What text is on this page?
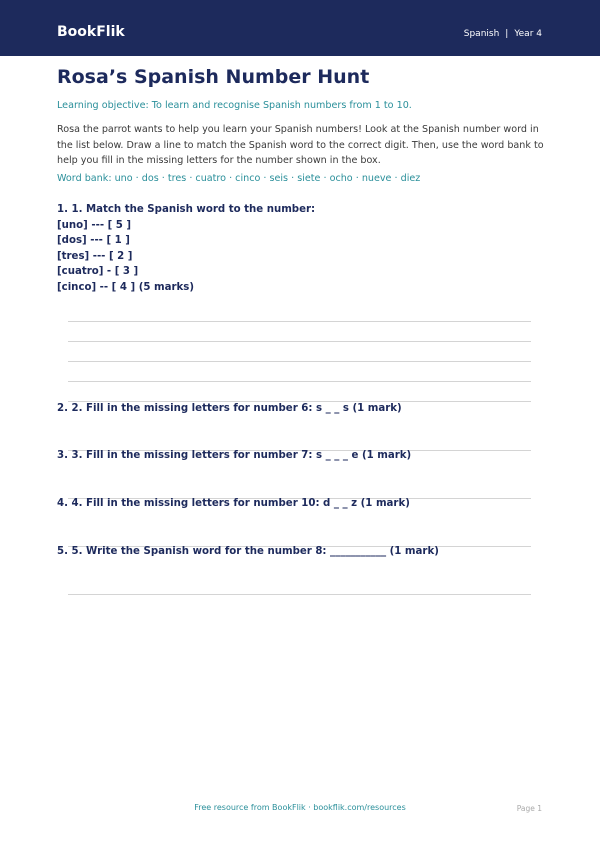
BookFlik	Spanish | Year 4
Rosa’s Spanish Number Hunt
Learning objective: To learn and recognise Spanish numbers from 1 to 10.
Rosa the parrot wants to help you learn your Spanish numbers! Look at the Spanish number word in the list below. Draw a line to match the Spanish word to the correct digit. Then, use the word bank to help you fill in the missing letters for the number shown in the box.
Word bank: uno · dos · tres · cuatro · cinco · seis · siete · ocho · nueve · diez
1. 1. Match the Spanish word to the number:
[uno] --- [ 5 ]
[dos] --- [ 1 ]
[tres] --- [ 2 ]
[cuatro] - [ 3 ]
[cinco] -- [ 4 ] (5 marks)
2. 2. Fill in the missing letters for number 6: s _ _ s (1 mark)
3. 3. Fill in the missing letters for number 7: s _ _ _ e (1 mark)
4. 4. Fill in the missing letters for number 10: d _ _ z (1 mark)
5. 5. Write the Spanish word for the number 8: ___________ (1 mark)
Free resource from BookFlik · bookflik.com/resources	Page 1
